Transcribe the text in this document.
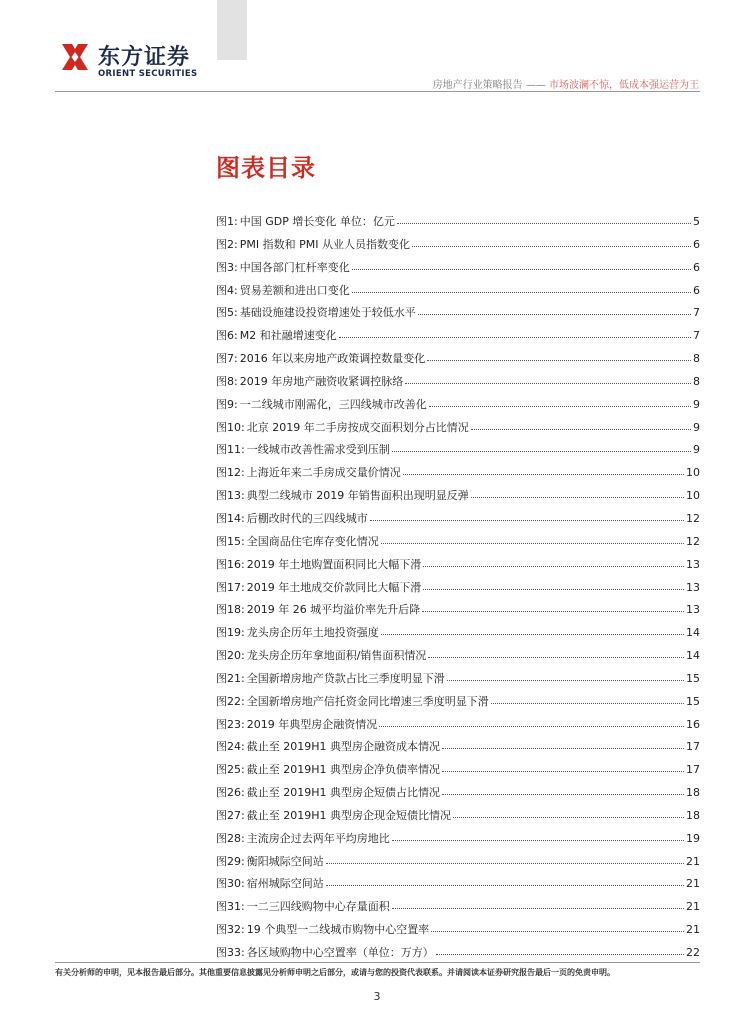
东方证券
ORIENT SECURITIES
房地产行业策略报告 —— 市场波澜不惊，低成本强运营为王
图表目录
图1: 中国 GDP 增长变化 单位：亿元	5
图2: PMI 指数和 PMI 从业人员指数变化	6
图3: 中国各部门杠杆率变化	6
图4: 贸易差额和进出口变化	6
图5: 基础设施建设投资增速处于较低水平	7
图6: M2 和社融增速变化	7
图7: 2016 年以来房地产政策调控数量变化	8
图8: 2019 年房地产融资收紧调控脉络	8
图9: 一二线城市刚需化，三四线城市改善化	9
图10: 北京 2019 年二手房按成交面积划分占比情况	9
图11: 一线城市改善性需求受到压制	9
图12: 上海近年来二手房成交量价情况	10
图13: 典型二线城市 2019 年销售面积出现明显反弹	10
图14: 后棚改时代的三四线城市	12
图15: 全国商品住宅库存变化情况	12
图16: 2019 年土地购置面积同比大幅下滑	13
图17: 2019 年土地成交价款同比大幅下滑	13
图18: 2019 年 26 城平均溢价率先升后降	13
图19: 龙头房企历年土地投资强度	14
图20: 龙头房企历年拿地面积/销售面积情况	14
图21: 全国新增房地产贷款占比三季度明显下滑	15
图22: 全国新增房地产信托资金同比增速三季度明显下滑	15
图23: 2019 年典型房企融资情况	16
图24: 截止至 2019H1 典型房企融资成本情况	17
图25: 截止至 2019H1 典型房企净负债率情况	17
图26: 截止至 2019H1 典型房企短债占比情况	18
图27: 截止至 2019H1 典型房企现金短债比情况	18
图28: 主流房企过去两年平均房地比	19
图29: 衡阳城际空间站	21
图30: 宿州城际空间站	21
图31: 一二三四线购物中心存量面积	21
图32: 19 个典型一二线城市购物中心空置率	21
图33: 各区域购物中心空置率（单位：万方）	22
有关分析师的申明，见本报告最后部分。其他重要信息披露见分析师申明之后部分，或请与您的投资代表联系。并请阅读本证券研究报告最后一页的免责申明。
3
